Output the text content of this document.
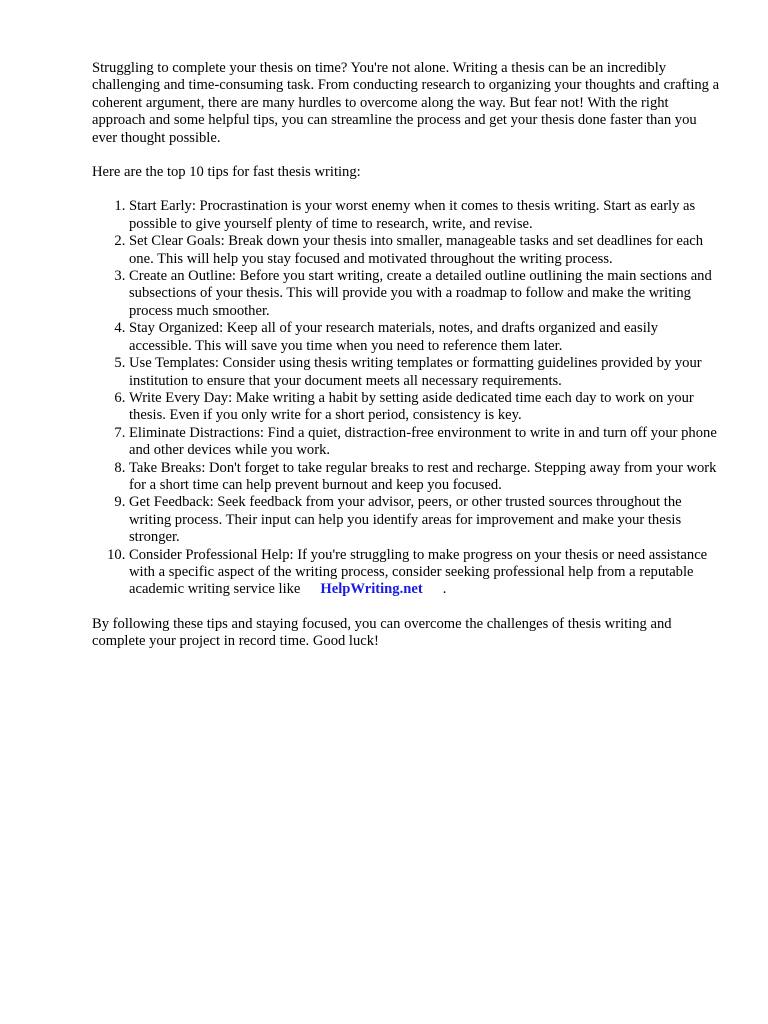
Struggling to complete your thesis on time? You're not alone. Writing a thesis can be an incredibly challenging and time-consuming task. From conducting research to organizing your thoughts and crafting a coherent argument, there are many hurdles to overcome along the way. But fear not! With the right approach and some helpful tips, you can streamline the process and get your thesis done faster than you ever thought possible.

Here are the top 10 tips for fast thesis writing:

1. Start Early: Procrastination is your worst enemy when it comes to thesis writing. Start as early as possible to give yourself plenty of time to research, write, and revise.
2. Set Clear Goals: Break down your thesis into smaller, manageable tasks and set deadlines for each one. This will help you stay focused and motivated throughout the writing process.
3. Create an Outline: Before you start writing, create a detailed outline outlining the main sections and subsections of your thesis. This will provide you with a roadmap to follow and make the writing process much smoother.
4. Stay Organized: Keep all of your research materials, notes, and drafts organized and easily accessible. This will save you time when you need to reference them later.
5. Use Templates: Consider using thesis writing templates or formatting guidelines provided by your institution to ensure that your document meets all necessary requirements.
6. Write Every Day: Make writing a habit by setting aside dedicated time each day to work on your thesis. Even if you only write for a short period, consistency is key.
7. Eliminate Distractions: Find a quiet, distraction-free environment to write in and turn off your phone and other devices while you work.
8. Take Breaks: Don't forget to take regular breaks to rest and recharge. Stepping away from your work for a short time can help prevent burnout and keep you focused.
9. Get Feedback: Seek feedback from your advisor, peers, or other trusted sources throughout the writing process. Their input can help you identify areas for improvement and make your thesis stronger.
10. Consider Professional Help: If you're struggling to make progress on your thesis or need assistance with a specific aspect of the writing process, consider seeking professional help from a reputable academic writing service like HelpWriting.net .

By following these tips and staying focused, you can overcome the challenges of thesis writing and complete your project in record time. Good luck!
